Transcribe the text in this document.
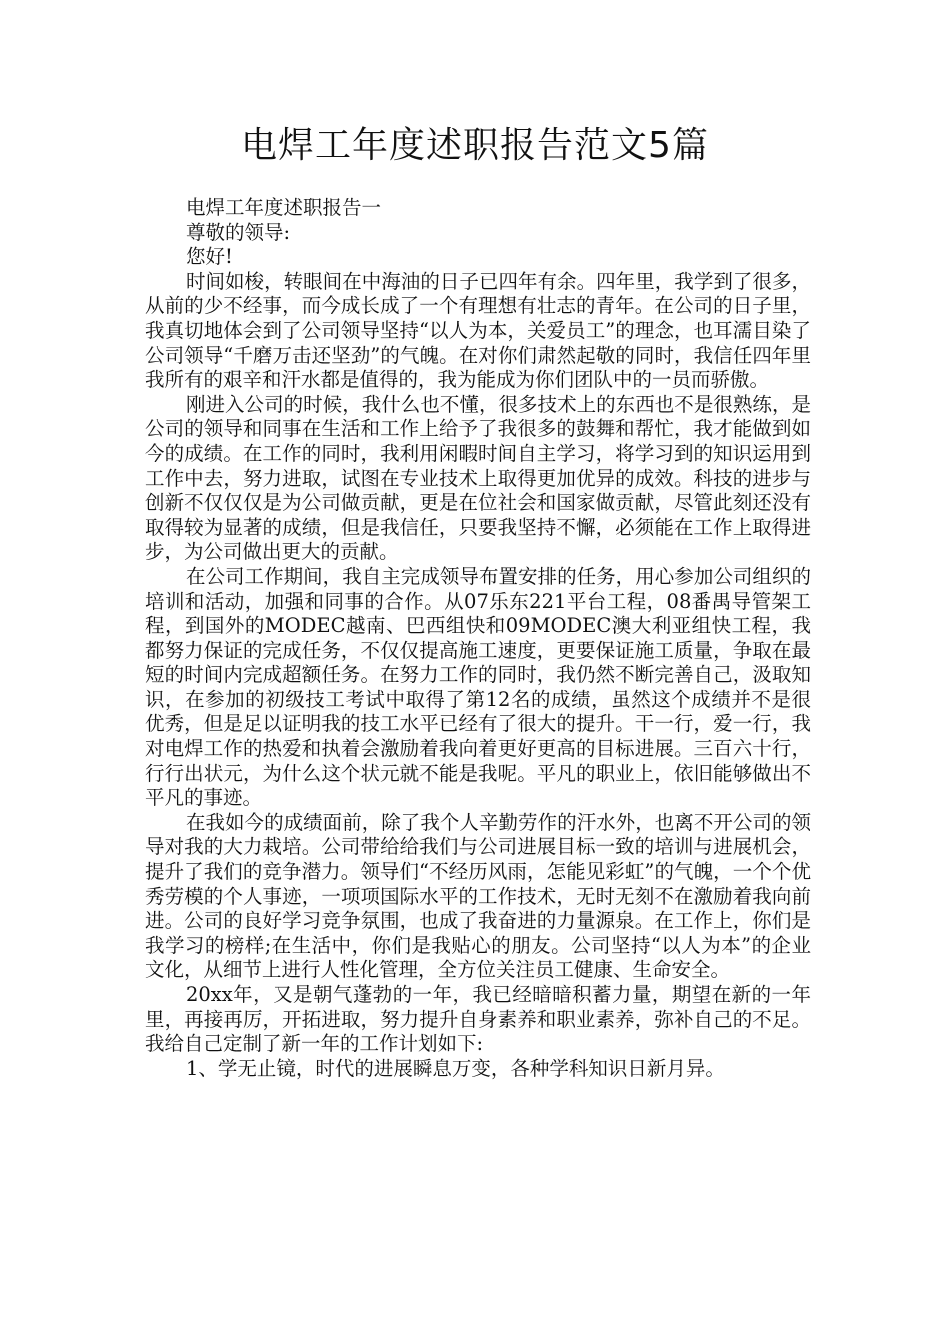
电焊工年度述职报告范文5篇

电焊工年度述职报告一

尊敬的领导:

您好!

时间如梭，转眼间在中海油的日子已四年有余。四年里，我学到了很多，从前的少不经事，而今成长成了一个有理想有壮志的青年。在公司的日子里，我真切地体会到了公司领导坚持“以人为本，关爱员工”的理念，也耳濡目染了公司领导“千磨万击还坚劲”的气魄。在对你们肃然起敬的同时，我信任四年里我所有的艰辛和汗水都是值得的，我为能成为你们团队中的一员而骄傲。

刚进入公司的时候，我什么也不懂，很多技术上的东西也不是很熟练，是公司的领导和同事在生活和工作上给予了我很多的鼓舞和帮忙，我才能做到如今的成绩。在工作的同时，我利用闲暇时间自主学习，将学习到的知识运用到工作中去，努力进取，试图在专业技术上取得更加优异的成效。科技的进步与创新不仅仅仅是为公司做贡献，更是在位社会和国家做贡献，尽管此刻还没有取得较为显著的成绩，但是我信任，只要我坚持不懈，必须能在工作上取得进步，为公司做出更大的贡献。

在公司工作期间，我自主完成领导布置安排的任务，用心参加公司组织的培训和活动，加强和同事的合作。从07乐东221平台工程，08番禺导管架工程，到国外的MODEC越南、巴西组快和09MODEC澳大利亚组快工程，我都努力保证的完成任务，不仅仅提高施工速度，更要保证施工质量，争取在最短的时间内完成超额任务。在努力工作的同时，我仍然不断完善自己，汲取知识，在参加的初级技工考试中取得了第12名的成绩，虽然这个成绩并不是很优秀，但是足以证明我的技工水平已经有了很大的提升。干一行，爱一行，我对电焊工作的热爱和执着会激励着我向着更好更高的目标进展。三百六十行，行行出状元，为什么这个状元就不能是我呢。平凡的职业上，依旧能够做出不平凡的事迹。

在我如今的成绩面前，除了我个人辛勤劳作的汗水外，也离不开公司的领导对我的大力栽培。公司带给给我们与公司进展目标一致的培训与进展机会，提升了我们的竞争潜力。领导们“不经历风雨，怎能见彩虹”的气魄，一个个优秀劳模的个人事迹，一项项国际水平的工作技术，无时无刻不在激励着我向前进。公司的良好学习竞争氛围，也成了我奋进的力量源泉。在工作上，你们是我学习的榜样;在生活中，你们是我贴心的朋友。公司坚持“以人为本”的企业文化，从细节上进行人性化管理，全方位关注员工健康、生命安全。

20xx年，又是朝气蓬勃的一年，我已经暗暗积蓄力量，期望在新的一年里，再接再厉，开拓进取，努力提升自身素养和职业素养，弥补自己的不足。我给自己定制了新一年的工作计划如下:

1、学无止镜，时代的进展瞬息万变，各种学科知识日新月异。
